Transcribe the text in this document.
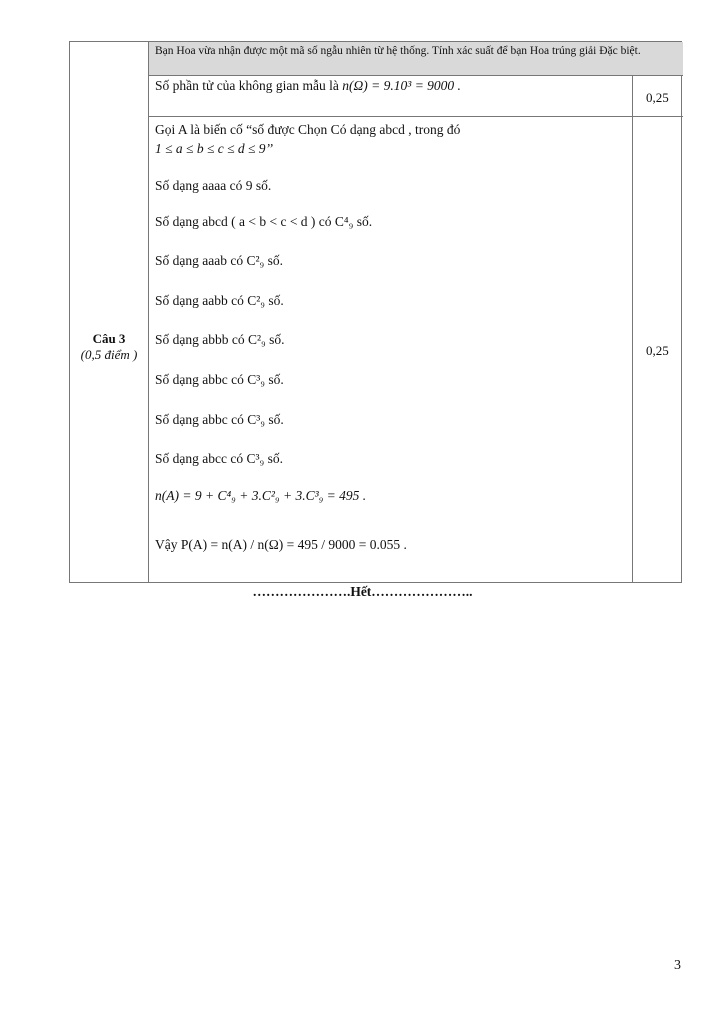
Bạn Hoa vừa nhận được một mã số ngẫu nhiên từ hệ thống. Tính xác suất để bạn Hoa trúng giải Đặc biệt.
Số phần tử của không gian mẫu là n(Ω) = 9.10³ = 9000 .
0,25
Câu 3
(0,5 điểm )	0,25
Gọi A là biến cố “số được Chọn Có dạng abcd , trong đó
1 ≤ a ≤ b ≤ c ≤ d ≤ 9’’
Số dạng aaaa có 9 số.
Số dạng abcd ( a < b < c < d ) có C⁴₉ số.
Số dạng aaab có C²₉ số.
Số dạng aabb có C²₉ số.
Số dạng abbb có C²₉ số.
Số dạng abbc có C³₉ số.
Số dạng abbc có C³₉ số.
Số dạng abcc có C³₉ số.
n(A) = 9 + C⁴₉ + 3.C²₉ + 3.C³₉ = 495 .
Vậy P(A) = n(A) / n(Ω) = 495 / 9000 = 0.055 .
………………….Hết…………………..
3
